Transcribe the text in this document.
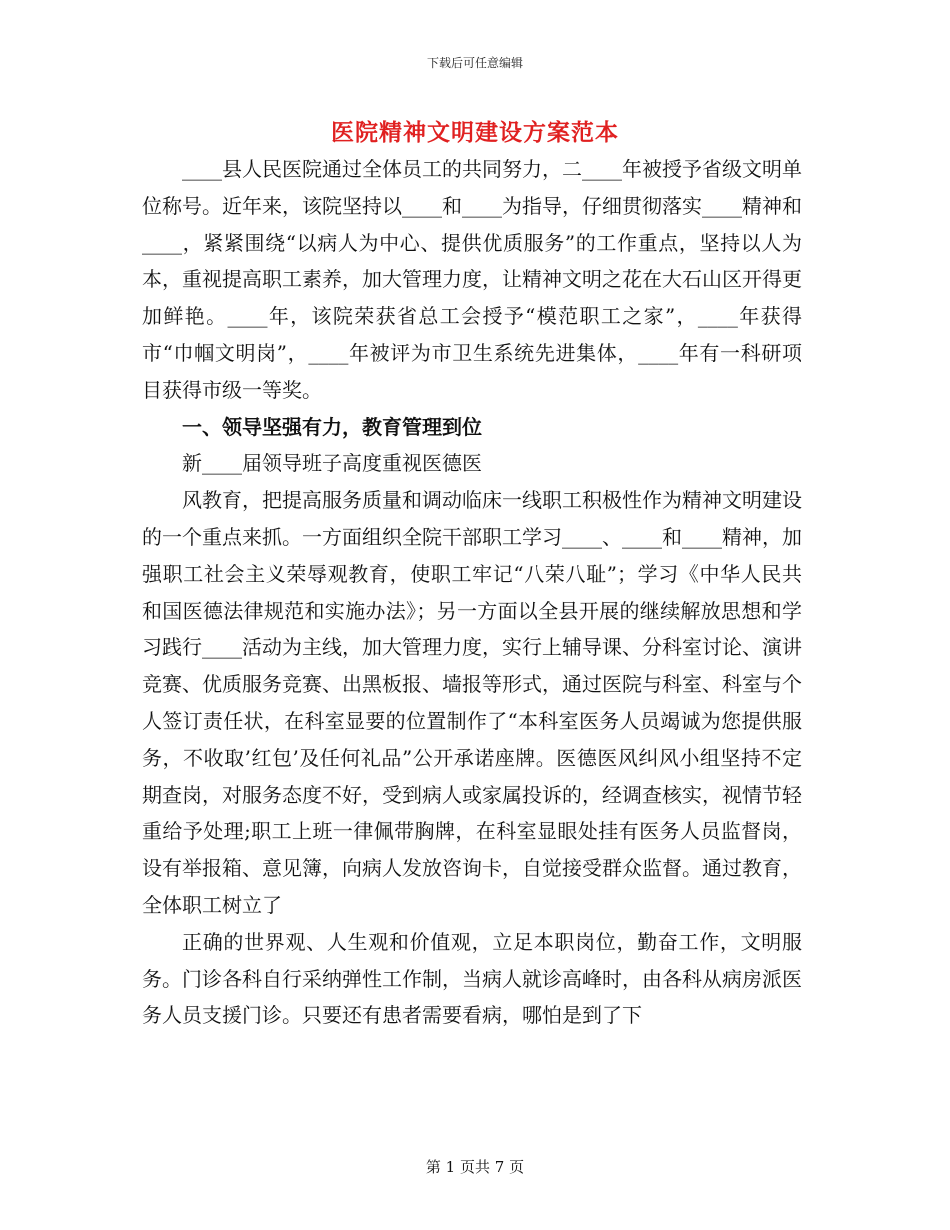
下载后可任意编辑
医院精神文明建设方案范本

____县人民医院通过全体员工的共同努力，二____年被授予省级文明单位称号。近年来，该院坚持以____和____为指导，仔细贯彻落实____精神和____，紧紧围绕“以病人为中心、提供优质服务”的工作重点，坚持以人为本，重视提高职工素养，加大管理力度，让精神文明之花在大石山区开得更加鲜艳。____年，该院荣获省总工会授予“模范职工之家”，____年获得市“巾帼文明岗”，____年被评为市卫生系统先进集体，____年有一科研项目获得市级一等奖。

一、领导坚强有力，教育管理到位

新____届领导班子高度重视医德医

风教育，把提高服务质量和调动临床一线职工积极性作为精神文明建设的一个重点来抓。一方面组织全院干部职工学习____、____和____精神，加强职工社会主义荣辱观教育，使职工牢记“八荣八耻”；学习《中华人民共和国医德法律规范和实施办法》；另一方面以全县开展的继续解放思想和学习践行____活动为主线，加大管理力度，实行上辅导课、分科室讨论、演讲竞赛、优质服务竞赛、出黑板报、墙报等形式，通过医院与科室、科室与个人签订责任状，在科室显要的位置制作了“本科室医务人员竭诚为您提供服务，不收取’红包’及任何礼品”公开承诺座牌。医德医风纠风小组坚持不定期查岗，对服务态度不好，受到病人或家属投诉的，经调查核实，视情节轻重给予处理;职工上班一律佩带胸牌，在科室显眼处挂有医务人员监督岗，设有举报箱、意见簿，向病人发放咨询卡，自觉接受群众监督。通过教育，全体职工树立了

正确的世界观、人生观和价值观，立足本职岗位，勤奋工作，文明服务。门诊各科自行采纳弹性工作制，当病人就诊高峰时，由各科从病房派医务人员支援门诊。只要还有患者需要看病，哪怕是到了下

第 1 页共 7 页
